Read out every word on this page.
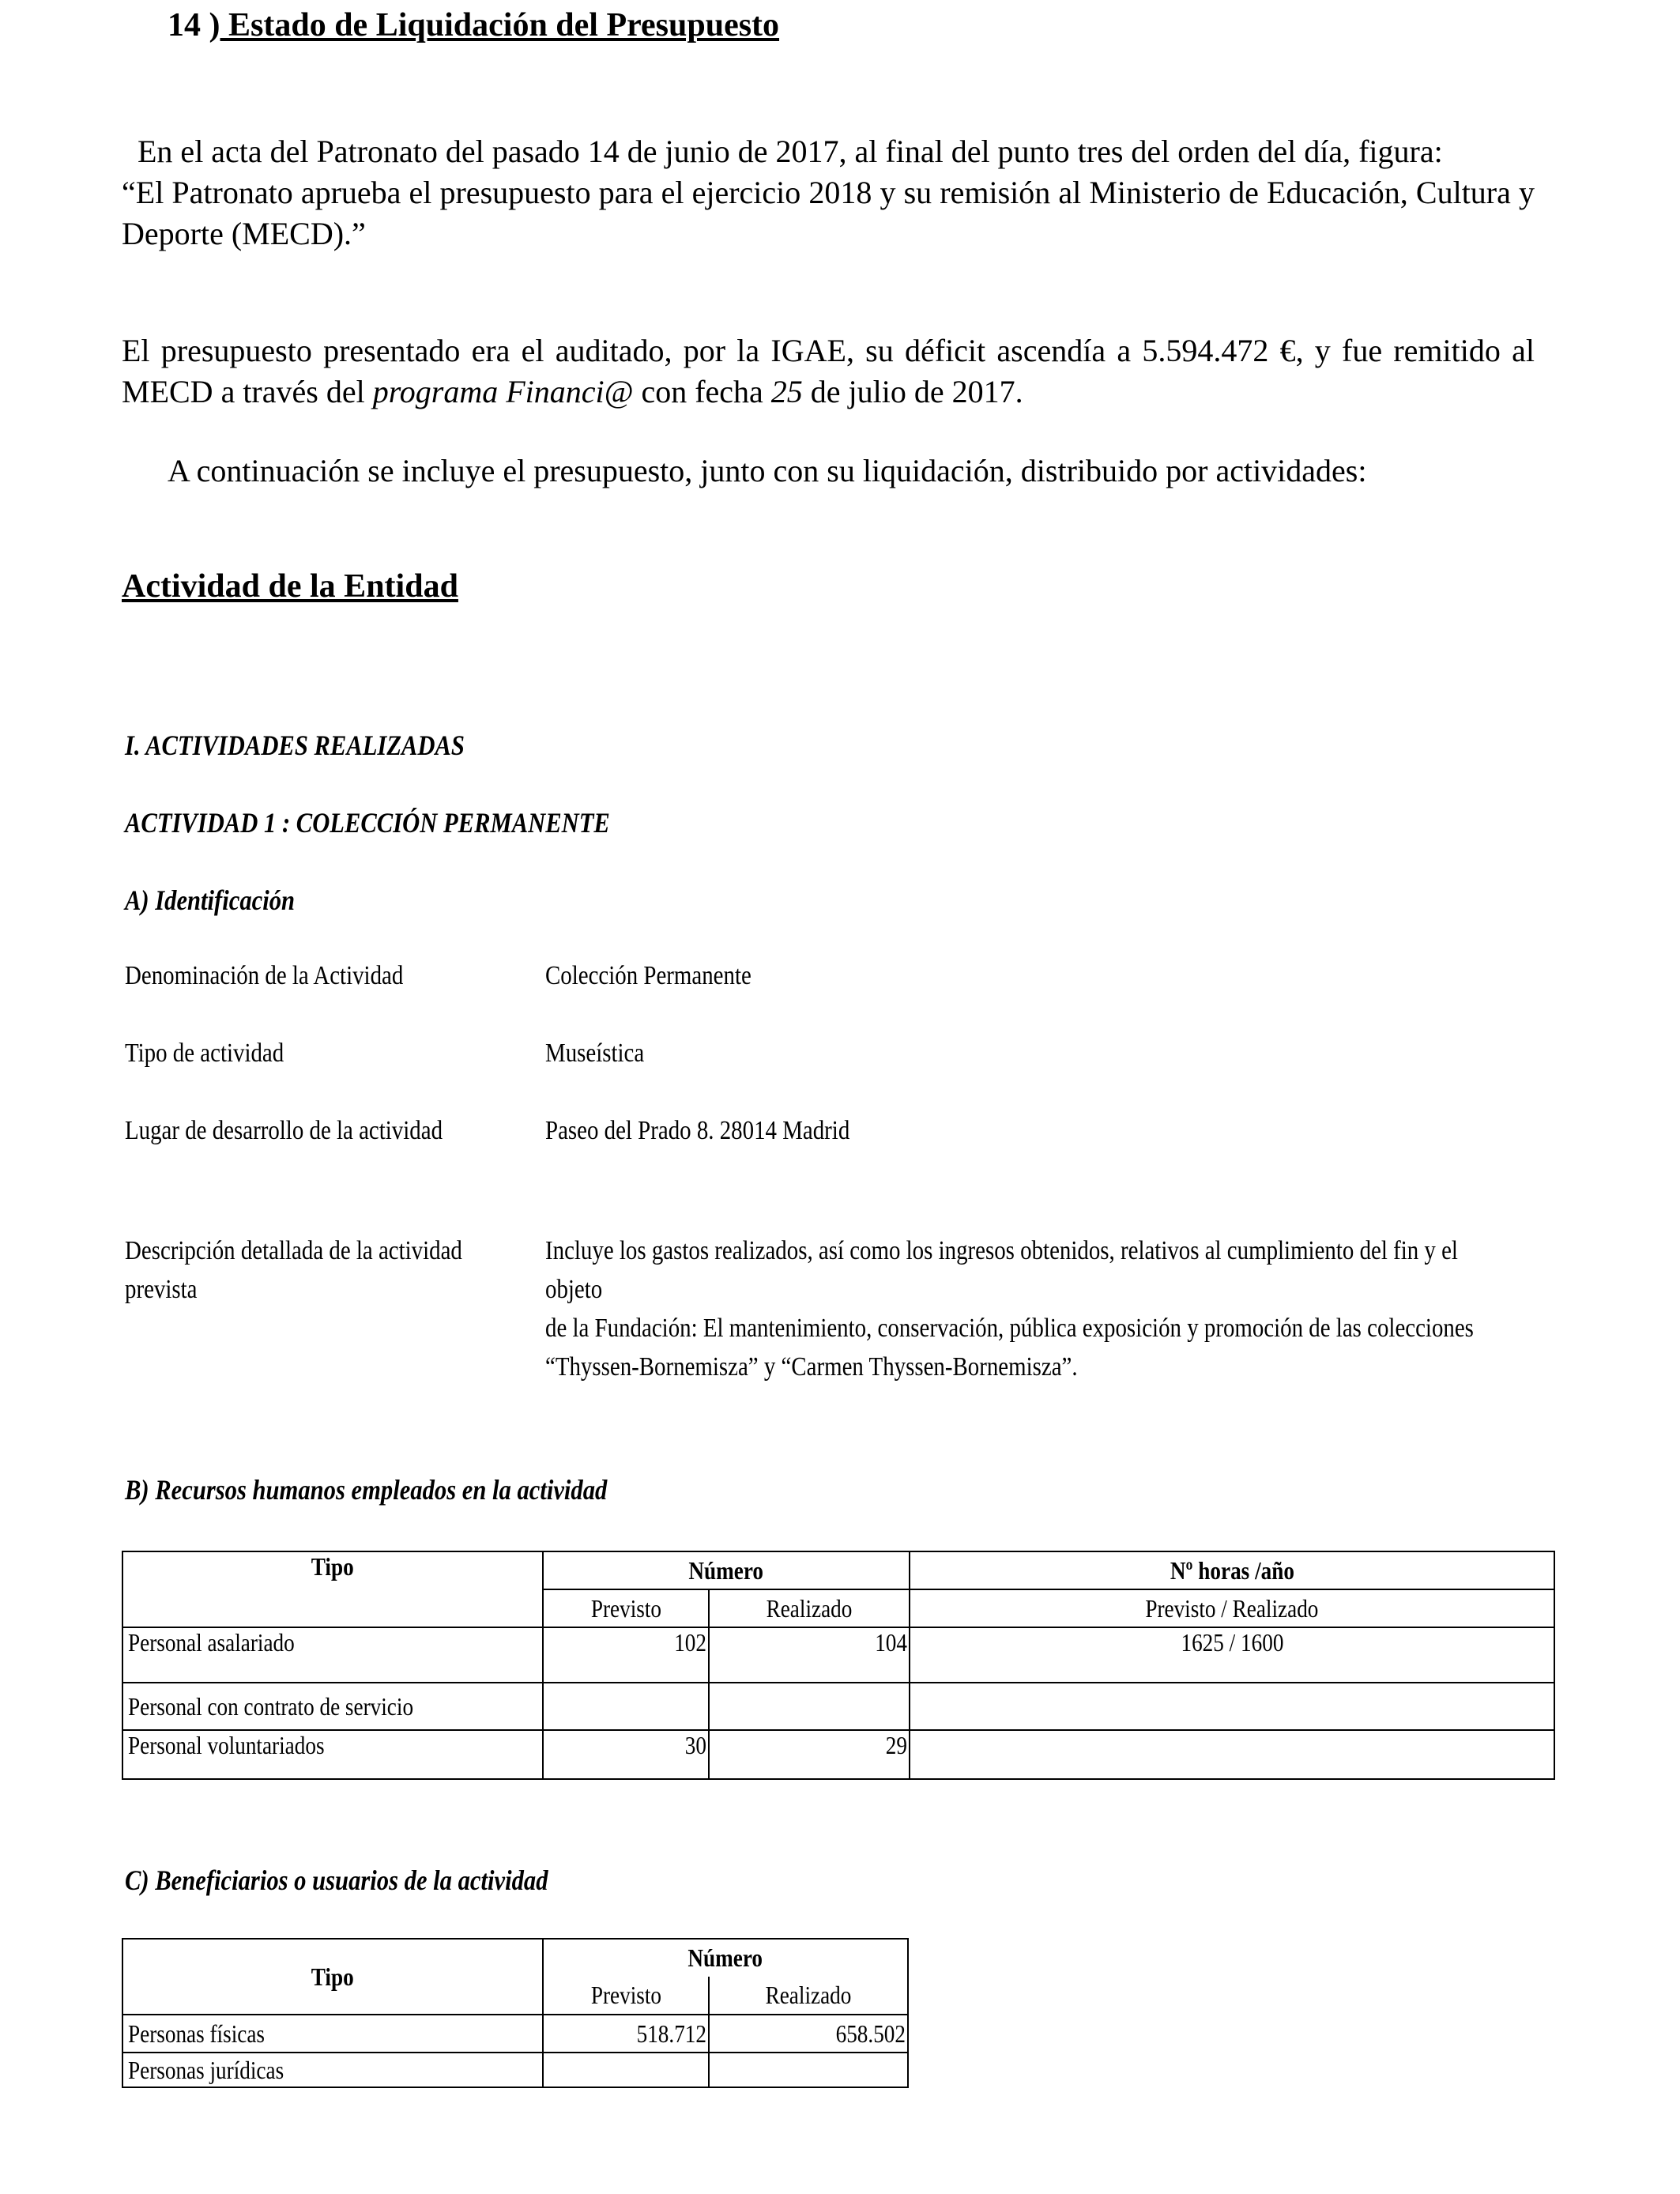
14 ) Estado de Liquidación del Presupuesto

En el acta del Patronato del pasado 14 de junio de 2017, al final del punto tres del orden del día, figura:

“El Patronato aprueba el presupuesto para el ejercicio 2018 y su remisión al Ministerio de Educación, Cultura y Deporte (MECD).”

El presupuesto presentado era el auditado, por la IGAE, su déficit ascendía a 5.594.472 €, y fue remitido al MECD a través del programa Financi@ con fecha 25 de julio de 2017.

A continuación se incluye el presupuesto, junto con su liquidación, distribuido por actividades:

Actividad de la Entidad
I. ACTIVIDADES REALIZADAS
ACTIVIDAD 1 : COLECCIÓN PERMANENTE
A) Identificación
Denominación de la Actividad	Colección Permanente
Tipo de actividad	Museística
Lugar de desarrollo de la actividad	Paseo del Prado 8. 28014 Madrid
Descripción detallada de la actividad
prevista
Incluye los gastos realizados, así como los ingresos obtenidos, relativos al cumplimiento del fin y el objeto
de la Fundación: El mantenimiento, conservación, pública exposición y promoción de las colecciones
“Thyssen-Bornemisza” y “Carmen Thyssen-Bornemisza”.
B) Recursos humanos empleados en la actividad
Tipo	Número		Nº horas /año
	Previsto	Realizado	Previsto / Realizado
Personal asalariado	102	104	1625 / 1600
Personal con contrato de servicio			
Personal voluntariados	30	29	
C) Beneficiarios o usuarios de la actividad
Tipo	Número	
	Previsto	Realizado
Personas físicas	518.712	658.502
Personas jurídicas		
